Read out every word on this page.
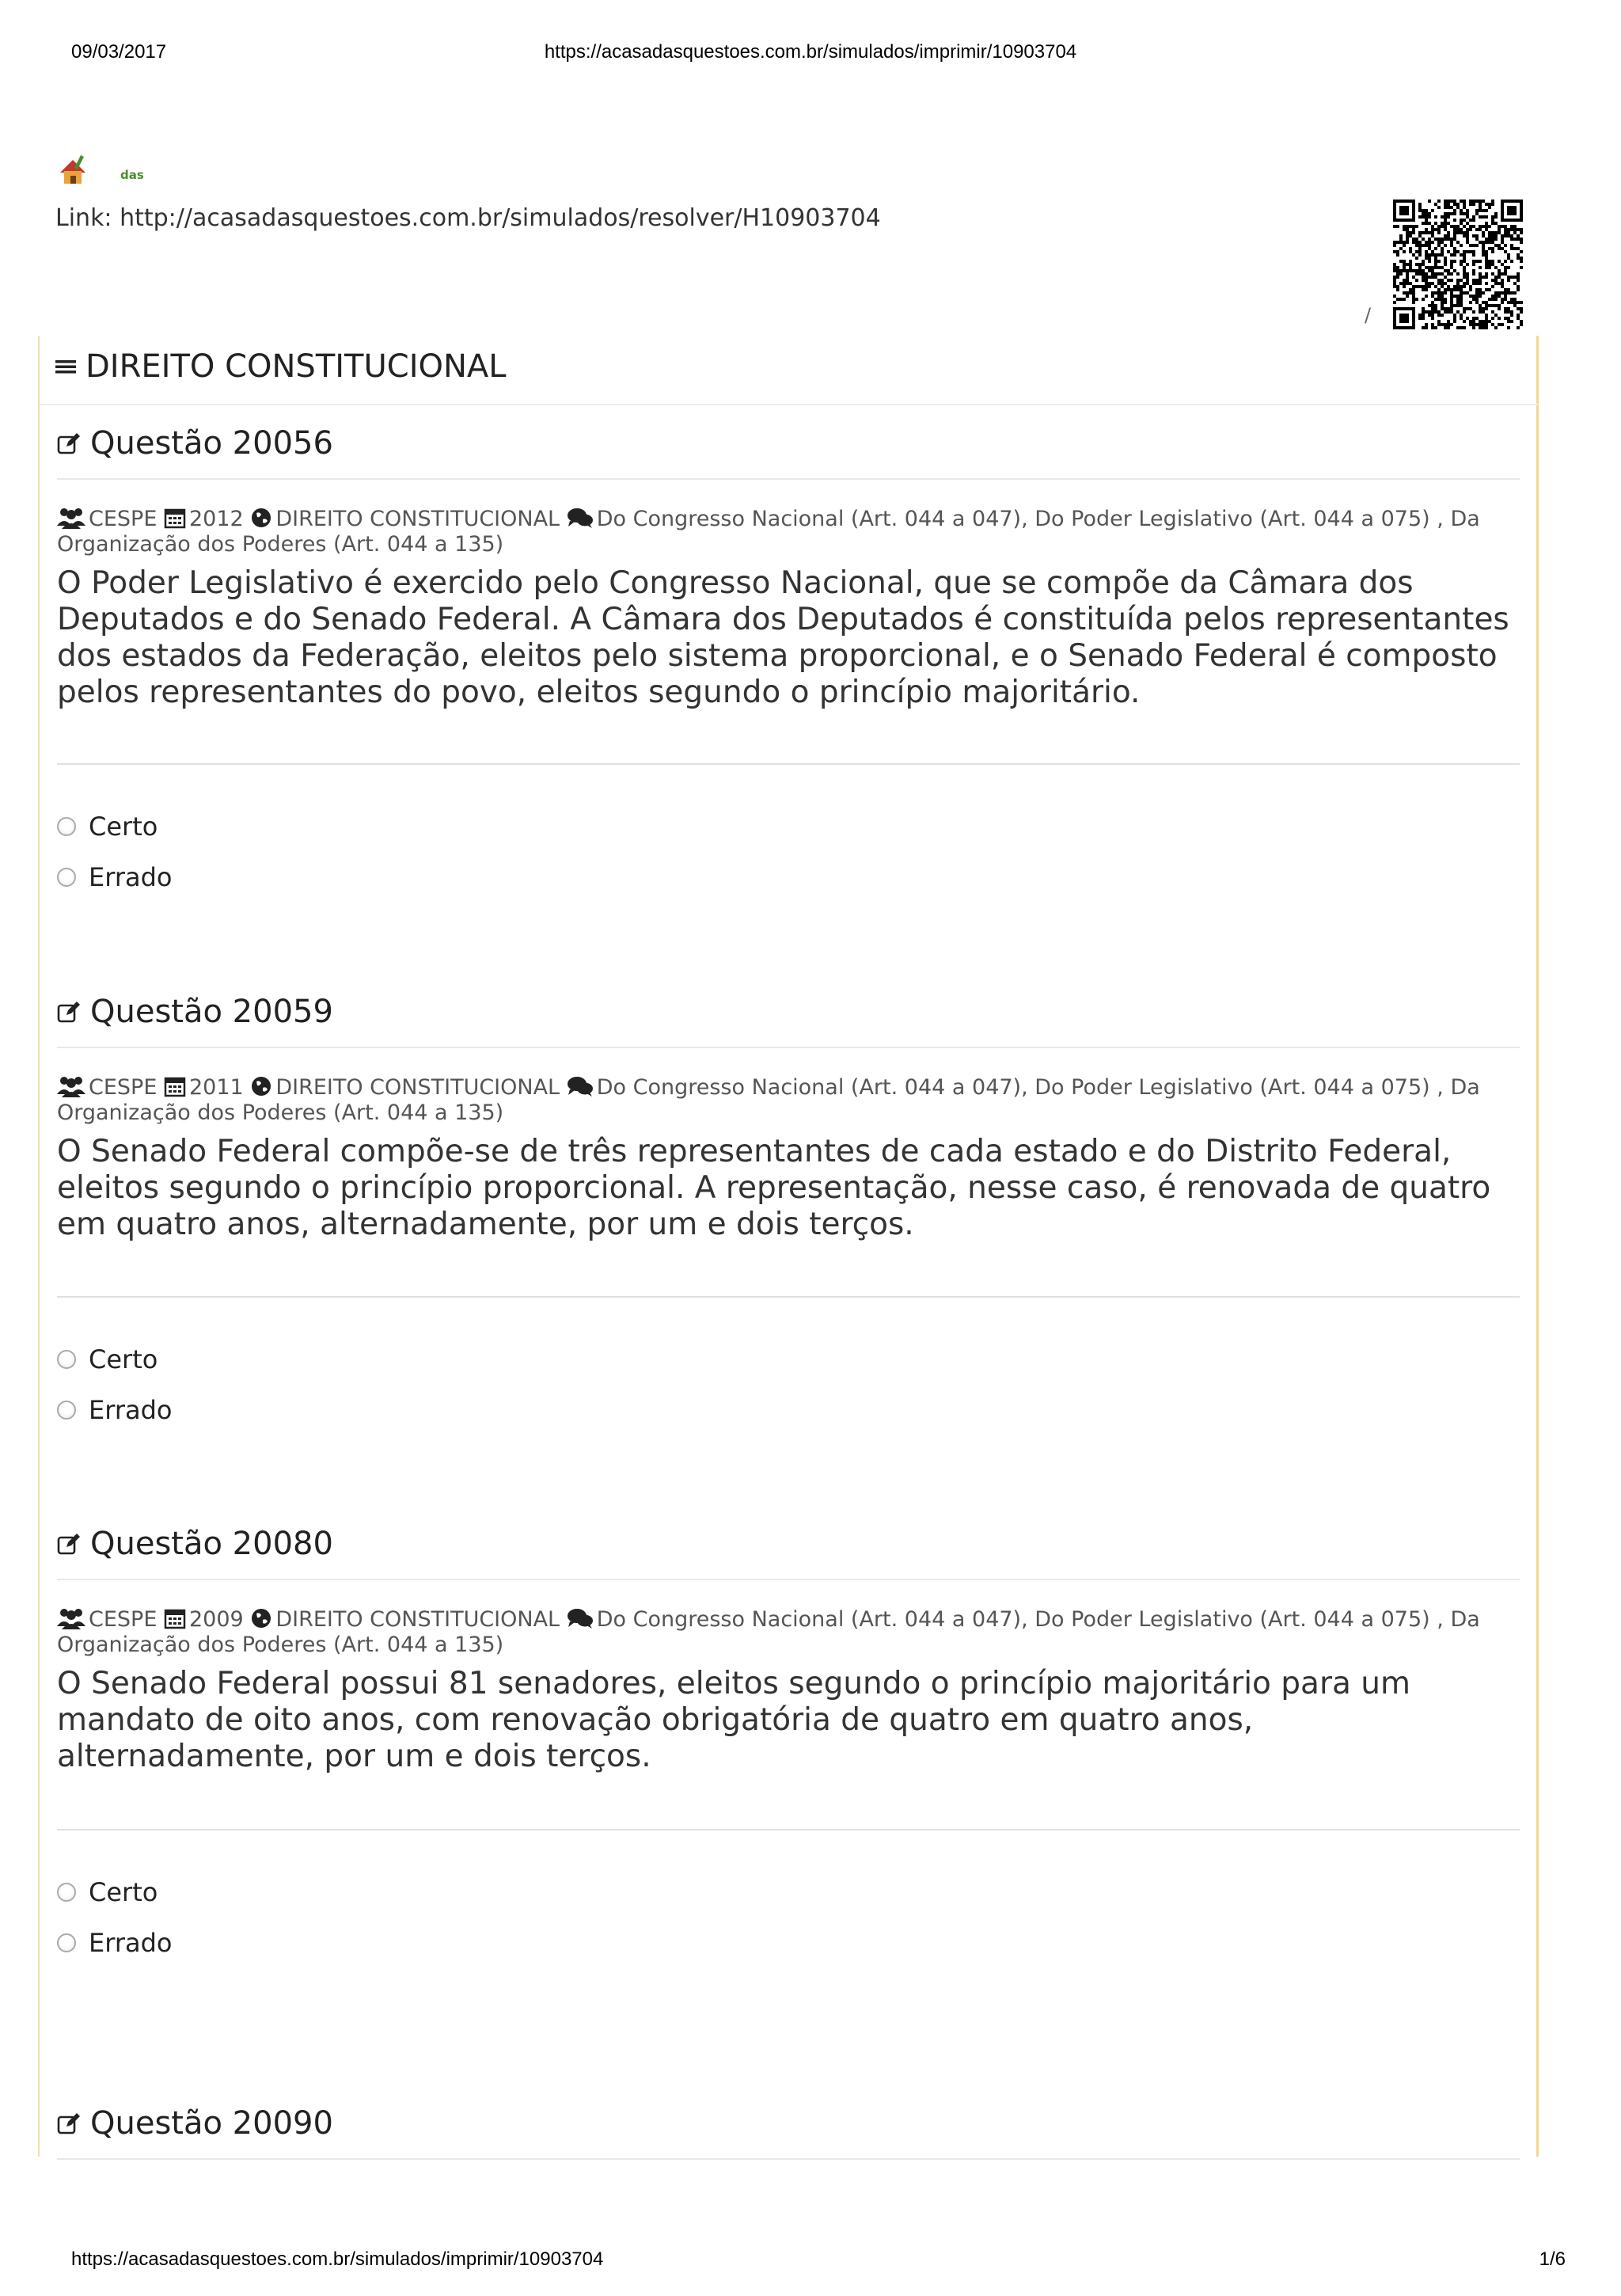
09/03/2017	https://acasadasquestoes.com.br/simulados/imprimir/10903704
das
Link: http://acasadasquestoes.com.br/simulados/resolver/H10903704
/
DIREITO CONSTITUCIONAL
Questão 20056
CESPE 2012 DIREITO CONSTITUCIONAL Do Congresso Nacional (Art. 044 a 047), Do Poder Legislativo (Art. 044 a 075) , Da Organização dos Poderes (Art. 044 a 135)
O Poder Legislativo é exercido pelo Congresso Nacional, que se compõe da Câmara dos Deputados e do Senado Federal. A Câmara dos Deputados é constituída pelos representantes dos estados da Federação, eleitos pelo sistema proporcional, e o Senado Federal é composto pelos representantes do povo, eleitos segundo o princípio majoritário.
Certo
Errado
Questão 20059
CESPE 2011 DIREITO CONSTITUCIONAL Do Congresso Nacional (Art. 044 a 047), Do Poder Legislativo (Art. 044 a 075) , Da Organização dos Poderes (Art. 044 a 135)
O Senado Federal compõe-se de três representantes de cada estado e do Distrito Federal, eleitos segundo o princípio proporcional. A representação, nesse caso, é renovada de quatro em quatro anos, alternadamente, por um e dois terços.
Certo
Errado
Questão 20080
CESPE 2009 DIREITO CONSTITUCIONAL Do Congresso Nacional (Art. 044 a 047), Do Poder Legislativo (Art. 044 a 075) , Da Organização dos Poderes (Art. 044 a 135)
O Senado Federal possui 81 senadores, eleitos segundo o princípio majoritário para um mandato de oito anos, com renovação obrigatória de quatro em quatro anos, alternadamente, por um e dois terços.
Certo
Errado
Questão 20090
https://acasadasquestoes.com.br/simulados/imprimir/10903704	1/6
